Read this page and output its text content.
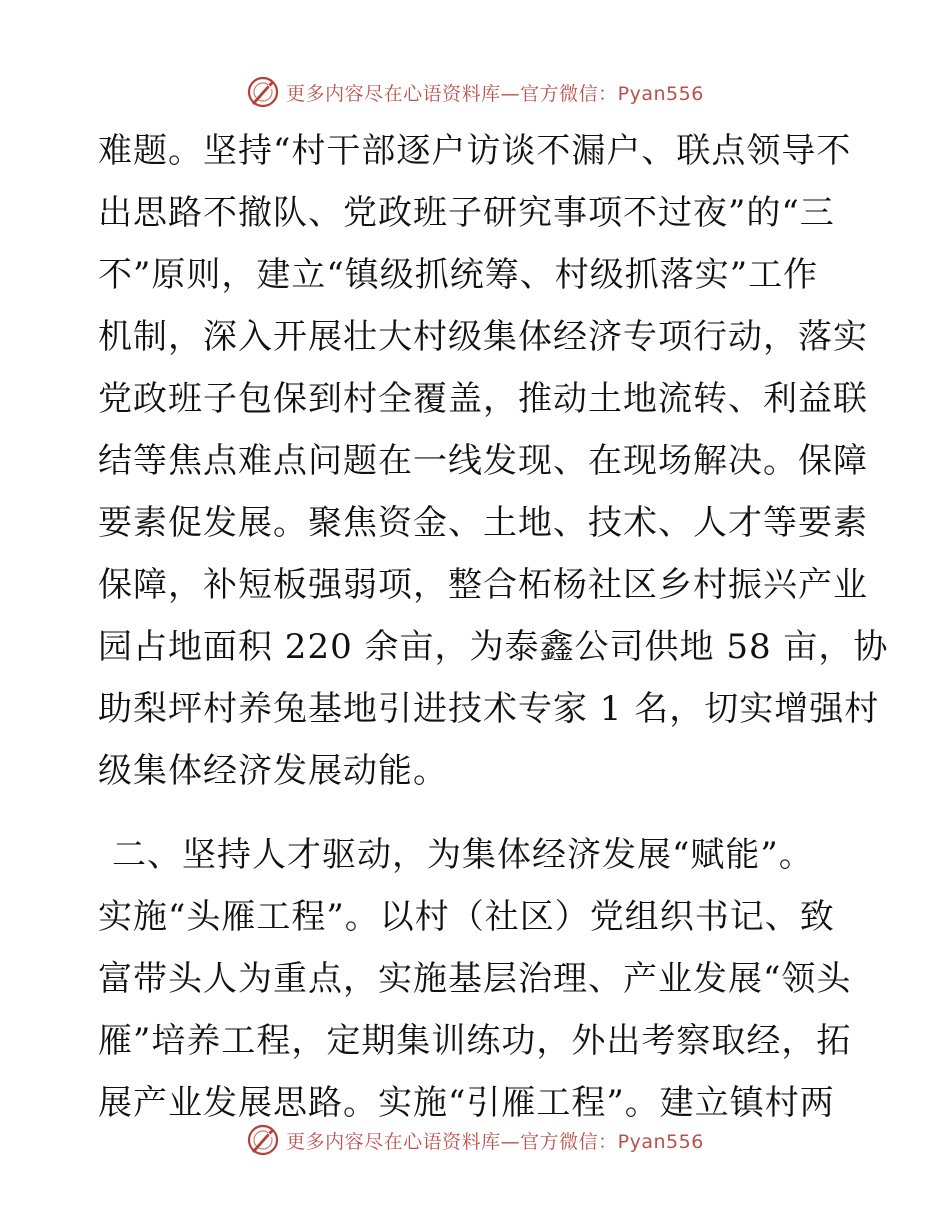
更多内容尽在心语资料库—官方微信：Pyan556
难题。坚持“村干部逐户访谈不漏户、联点领导不
出思路不撤队、党政班子研究事项不过夜”的“三
不”原则，建立“镇级抓统筹、村级抓落实”工作
机制，深入开展壮大村级集体经济专项行动，落实
党政班子包保到村全覆盖，推动土地流转、利益联
结等焦点难点问题在一线发现、在现场解决。保障
要素促发展。聚焦资金、土地、技术、人才等要素
保障，补短板强弱项，整合柘杨社区乡村振兴产业
园占地面积 220 余亩，为泰鑫公司供地 58 亩，协
助梨坪村养兔基地引进技术专家 1 名，切实增强村
级集体经济发展动能。
二、坚持人才驱动，为集体经济发展“赋能”。
实施“头雁工程”。以村（社区）党组织书记、致
富带头人为重点，实施基层治理、产业发展“领头
雁”培养工程，定期集训练功，外出考察取经，拓
展产业发展思路。实施“引雁工程”。建立镇村两
更多内容尽在心语资料库—官方微信：Pyan556
